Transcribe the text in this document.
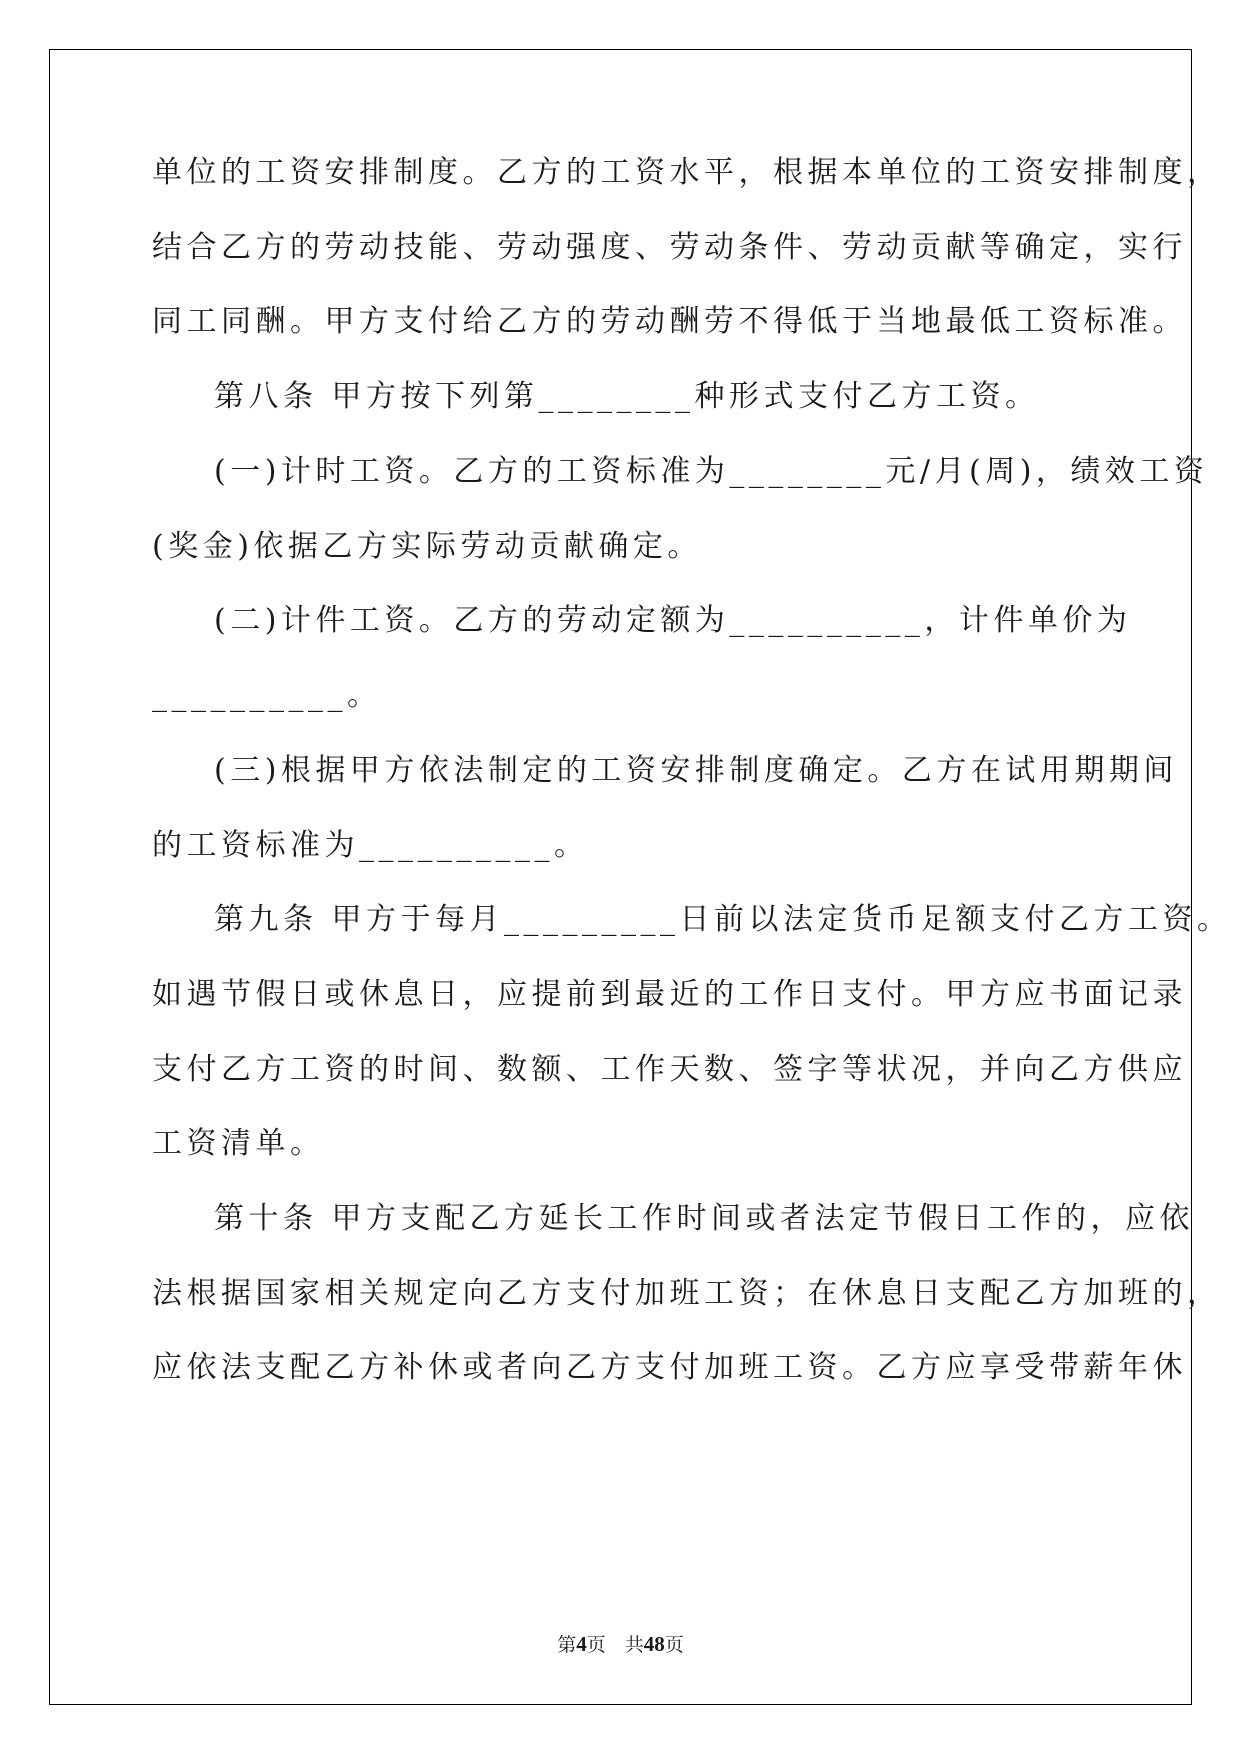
单位的工资安排制度。乙方的工资水平，根据本单位的工资安排制度，
结合乙方的劳动技能、劳动强度、劳动条件、劳动贡献等确定，实行
同工同酬。甲方支付给乙方的劳动酬劳不得低于当地最低工资标准。
第八条 甲方按下列第________种形式支付乙方工资。
(一)计时工资。乙方的工资标准为________元/月(周)，绩效工资
(奖金)依据乙方实际劳动贡献确定。
(二)计件工资。乙方的劳动定额为__________，计件单价为
__________。
(三)根据甲方依法制定的工资安排制度确定。乙方在试用期期间
的工资标准为__________。
第九条 甲方于每月_________日前以法定货币足额支付乙方工资。
如遇节假日或休息日，应提前到最近的工作日支付。甲方应书面记录
支付乙方工资的时间、数额、工作天数、签字等状况，并向乙方供应
工资清单。
第十条 甲方支配乙方延长工作时间或者法定节假日工作的，应依
法根据国家相关规定向乙方支付加班工资；在休息日支配乙方加班的，
应依法支配乙方补休或者向乙方支付加班工资。乙方应享受带薪年休
第4页　共48页
